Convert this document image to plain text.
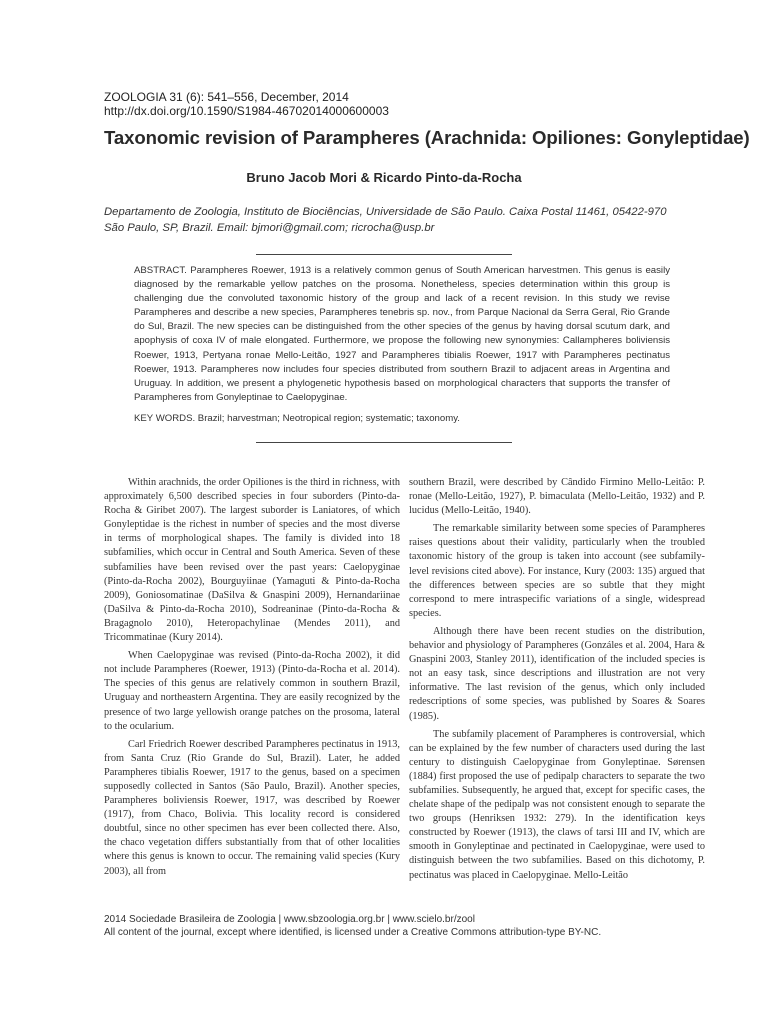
ZOOLOGIA 31 (6): 541–556, December, 2014
http://dx.doi.org/10.1590/S1984-46702014000600003
Taxonomic revision of Parampheres (Arachnida: Opiliones: Gonyleptidae)
Bruno Jacob Mori & Ricardo Pinto-da-Rocha
Departamento de Zoologia, Instituto de Biociências, Universidade de São Paulo. Caixa Postal 11461, 05422-970 São Paulo, SP, Brazil. Email: bjmori@gmail.com; ricrocha@usp.br

ABSTRACT. Parampheres Roewer, 1913 is a relatively common genus of South American harvestmen. This genus is easily diagnosed by the remarkable yellow patches on the prosoma. Nonetheless, species determination within this group is challenging due the convoluted taxonomic history of the group and lack of a recent revision. In this study we revise Parampheres and describe a new species, Parampheres tenebris sp. nov., from Parque Nacional da Serra Geral, Rio Grande do Sul, Brazil. The new species can be distinguished from the other species of the genus by having dorsal scutum dark, and apophysis of coxa IV of male elongated. Furthermore, we propose the following new synonymies: Callampheres boliviensis Roewer, 1913, Pertyana ronae Mello-Leitão, 1927 and Parampheres tibialis Roewer, 1917 with Parampheres pectinatus Roewer, 1913. Parampheres now includes four species distributed from southern Brazil to adjacent areas in Argentina and Uruguay. In addition, we present a phylogenetic hypothesis based on morphological characters that supports the transfer of Parampheres from Gonyleptinae to Caelopyginae.

KEY WORDS. Brazil; harvestman; Neotropical region; systematic; taxonomy.

Within arachnids, the order Opiliones is the third in richness, with approximately 6,500 described species in four suborders (Pinto-da-Rocha & Giribet 2007). The largest suborder is Laniatores, of which Gonyleptidae is the richest in number of species and the most diverse in terms of morphological shapes. The family is divided into 18 subfamilies, which occur in Central and South America. Seven of these subfamilies have been revised over the past years: Caelopyginae (Pinto-da-Rocha 2002), Bourguyiinae (Yamaguti & Pinto-da-Rocha 2009), Goniosomatinae (DaSilva & Gnaspini 2009), Hernandariinae (DaSilva & Pinto-da-Rocha 2010), Sodreaninae (Pinto-da-Rocha & Bragagnolo 2010), Heteropachylinae (Mendes 2011), and Tricommatinae (Kury 2014).

When Caelopyginae was revised (Pinto-da-Rocha 2002), it did not include Parampheres (Roewer, 1913) (Pinto-da-Rocha et al. 2014). The species of this genus are relatively common in southern Brazil, Uruguay and northeastern Argentina. They are easily recognized by the presence of two large yellowish orange patches on the prosoma, lateral to the ocularium.

Carl Friedrich Roewer described Parampheres pectinatus in 1913, from Santa Cruz (Rio Grande do Sul, Brazil). Later, he added Parampheres tibialis Roewer, 1917 to the genus, based on a specimen supposedly collected in Santos (São Paulo, Brazil). Another species, Parampheres boliviensis Roewer, 1917, was described by Roewer (1917), from Chaco, Bolivia. This locality record is considered doubtful, since no other specimen has ever been collected there. Also, the chaco vegetation differs substantially from that of other localities where this genus is known to occur. The remaining valid species (Kury 2003), all from

southern Brazil, were described by Cândido Firmino Mello-Leitão: P. ronae (Mello-Leitão, 1927), P. bimaculata (Mello-Leitão, 1932) and P. lucidus (Mello-Leitão, 1940).

The remarkable similarity between some species of Parampheres raises questions about their validity, particularly when the troubled taxonomic history of the group is taken into account (see subfamily-level revisions cited above). For instance, Kury (2003: 135) argued that the differences between species are so subtle that they might correspond to mere intraspecific variations of a single, widespread species.

Although there have been recent studies on the distribution, behavior and physiology of Parampheres (Gonzáles et al. 2004, Hara & Gnaspini 2003, Stanley 2011), identification of the included species is not an easy task, since descriptions and illustration are not very informative. The last revision of the genus, which only included redescriptions of some species, was published by Soares & Soares (1985).

The subfamily placement of Parampheres is controversial, which can be explained by the few number of characters used during the last century to distinguish Caelopyginae from Gonyleptinae. Sørensen (1884) first proposed the use of pedipalp characters to separate the two subfamilies. Subsequently, he argued that, except for specific cases, the chelate shape of the pedipalp was not consistent enough to separate the two groups (Henriksen 1932: 279). In the identification keys constructed by Roewer (1913), the claws of tarsi III and IV, which are smooth in Gonyleptinae and pectinated in Caelopyginae, were used to distinguish between the two subfamilies. Based on this dichotomy, P. pectinatus was placed in Caelopyginae. Mello-Leitão

2014 Sociedade Brasileira de Zoologia | www.sbzoologia.org.br | www.scielo.br/zool
All content of the journal, except where identified, is licensed under a Creative Commons attribution-type BY-NC.
